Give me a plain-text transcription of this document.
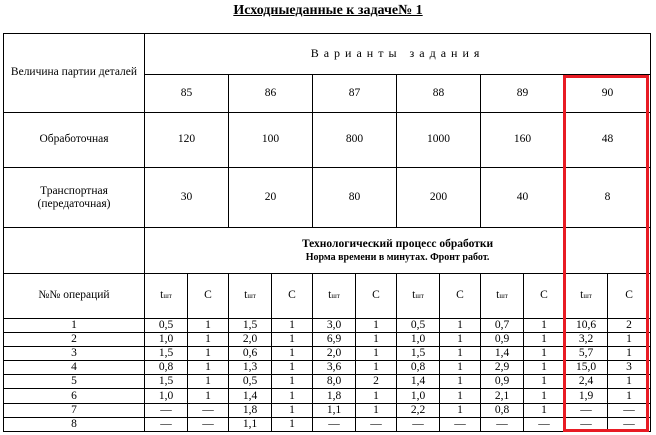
Исходныеданные к задаче№ 1
Величина партии деталей	Варианты задания											
	85		86		87		88		89		90	
Обработочная	120		100		800		1000		160		48	

Транспортная
(передаточная)	30		20		80		200		40		8	

	Технологический процесс обработки
Норма времени в минутах. Фронт работ.											

№№ операций	tшт	С	tшт	С	tшт	С	tшт	С	tшт	С	tшт	С
1	0,5	1	1,5	1	3,0	1	0,5	1	0,7	1	10,6	2
2	1,0	1	2,0	1	6,9	1	1,0	1	0,9	1	3,2	1
3	1,5	1	0,6	1	2,0	1	1,5	1	1,4	1	5,7	1
4	0,8	1	1,3	1	3,6	1	0,8	1	2,9	1	15,0	3
5	1,5	1	0,5	1	8,0	2	1,4	1	0,9	1	2,4	1
6	1,0	1	1,4	1	1,8	1	1,0	1	2,1	1	1,9	1
7	—	—	1,8	1	1,1	1	2,2	1	0,8	1	—	—
8	—	—	1,1	1	—	—	—	—	—	—	—	—
